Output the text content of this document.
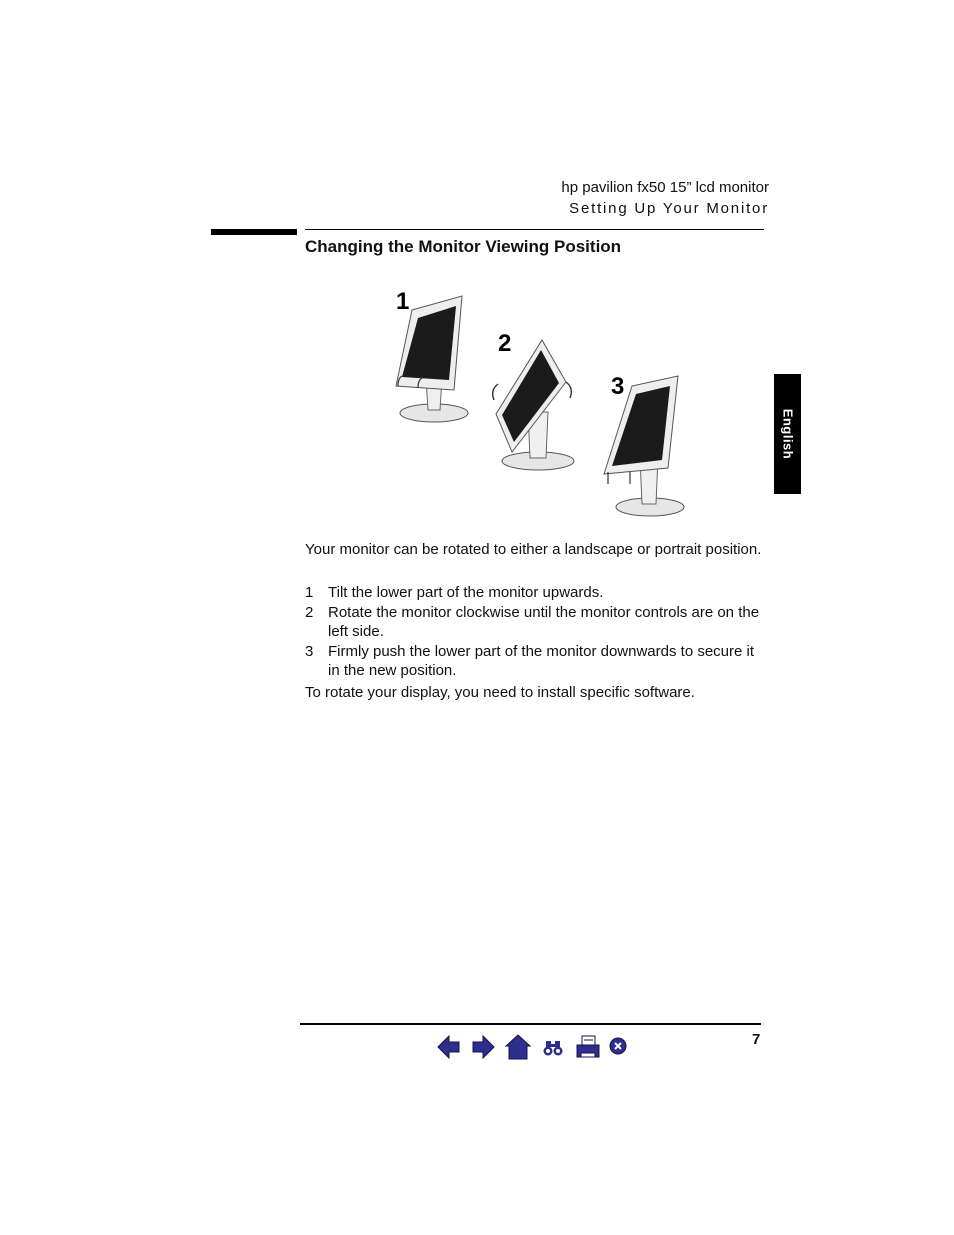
hp pavilion fx50 15” lcd monitor
Setting Up Your Monitor
Changing the Monitor Viewing Position
1
2
3
English
Your monitor can be rotated to either a landscape or portrait position.
1 Tilt the lower part of the monitor upwards.
2 Rotate the monitor clockwise until the monitor controls are on the left side.
3 Firmly push the lower part of the monitor downwards to secure it in the new position.
To rotate your display, you need to install specific software.
7
